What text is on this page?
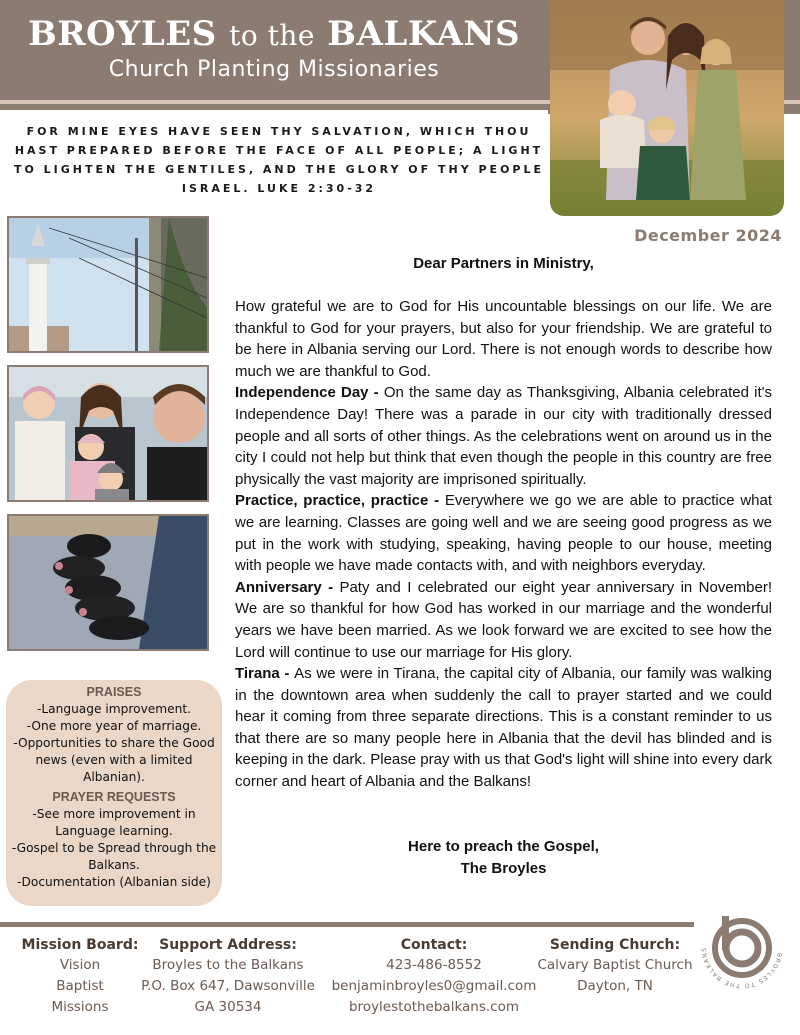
BROYLES to the BALKANS
Church Planting Missionaries
FOR MINE EYES HAVE SEEN THY SALVATION, WHICH THOU HAST PREPARED BEFORE THE FACE OF ALL PEOPLE; A LIGHT TO LIGHTEN THE GENTILES, AND THE GLORY OF THY PEOPLE ISRAEL. LUKE 2:30-32
December 2024
PRAISES
-Language improvement.
-One more year of marriage.
-Opportunities to share the Good news (even with a limited Albanian).
PRAYER REQUESTS
-See more improvement in Language learning.
-Gospel to be Spread through the Balkans.
-Documentation (Albanian side)
Dear Partners in Ministry,

How grateful we are to God for His uncountable blessings on our life. We are thankful to God for your prayers, but also for your friendship. We are grateful to be here in Albania serving our Lord. There is not enough words to describe how much we are thankful to God.

Independence Day - On the same day as Thanksgiving, Albania celebrated it's Independence Day! There was a parade in our city with traditionally dressed people and all sorts of other things. As the celebrations went on around us in the city I could not help but think that even though the people in this country are free physically the vast majority are imprisoned spiritually.

Practice, practice, practice - Everywhere we go we are able to practice what we are learning. Classes are going well and we are seeing good progress as we put in the work with studying, speaking, having people to our house, meeting with people we have made contacts with, and with neighbors everyday.

Anniversary - Paty and I celebrated our eight year anniversary in November! We are so thankful for how God has worked in our marriage and the wonderful years we have been married. As we look forward we are excited to see how the Lord will continue to use our marriage for His glory.

Tirana - As we were in Tirana, the capital city of Albania, our family was walking in the downtown area when suddenly the call to prayer started and we could hear it coming from three separate directions. This is a constant reminder to us that there are so many people here in Albania that the devil has blinded and is keeping in the dark. Please pray with us that God's light will shine into every dark corner and heart of Albania and the Balkans!

Here to preach the Gospel,
The Broyles
BROYLES TO THE BALKANS
Mission Board:
Vision
Baptist
Missions
Support Address:
Broyles to the Balkans
P.O. Box 647, Dawsonville
GA 30534
Contact:
423-486-8552
benjaminbroyles0@gmail.com
broylestothebalkans.com
Sending Church:
Calvary Baptist Church
Dayton, TN
